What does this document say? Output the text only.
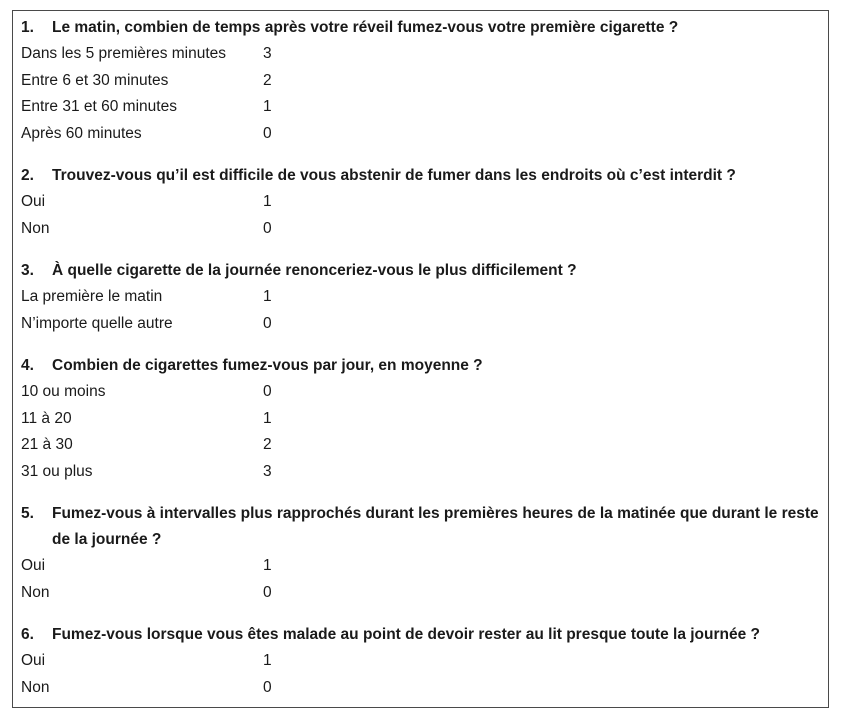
1.	Le matin, combien de temps après votre réveil fumez-vous votre première cigarette ?
Dans les 5 premières minutes	3
Entre 6 et 30 minutes	2
Entre 31 et 60 minutes	1
Après 60 minutes	0
2.	Trouvez-vous qu’il est difficile de vous abstenir de fumer dans les endroits où c’est interdit ?
Oui	1
Non	0
3.	À quelle cigarette de la journée renonceriez-vous le plus difficilement ?
La première le matin	1
N’importe quelle autre	0
4.	Combien de cigarettes fumez-vous par jour, en moyenne ?
10 ou moins	0
11 à 20	1
21 à 30	2
31 ou plus	3
5.	Fumez-vous à intervalles plus rapprochés durant les premières heures de la matinée que durant le reste de la journée ?
Oui	1
Non	0
6.	Fumez-vous lorsque vous êtes malade au point de devoir rester au lit presque toute la journée ?
Oui	1
Non	0
